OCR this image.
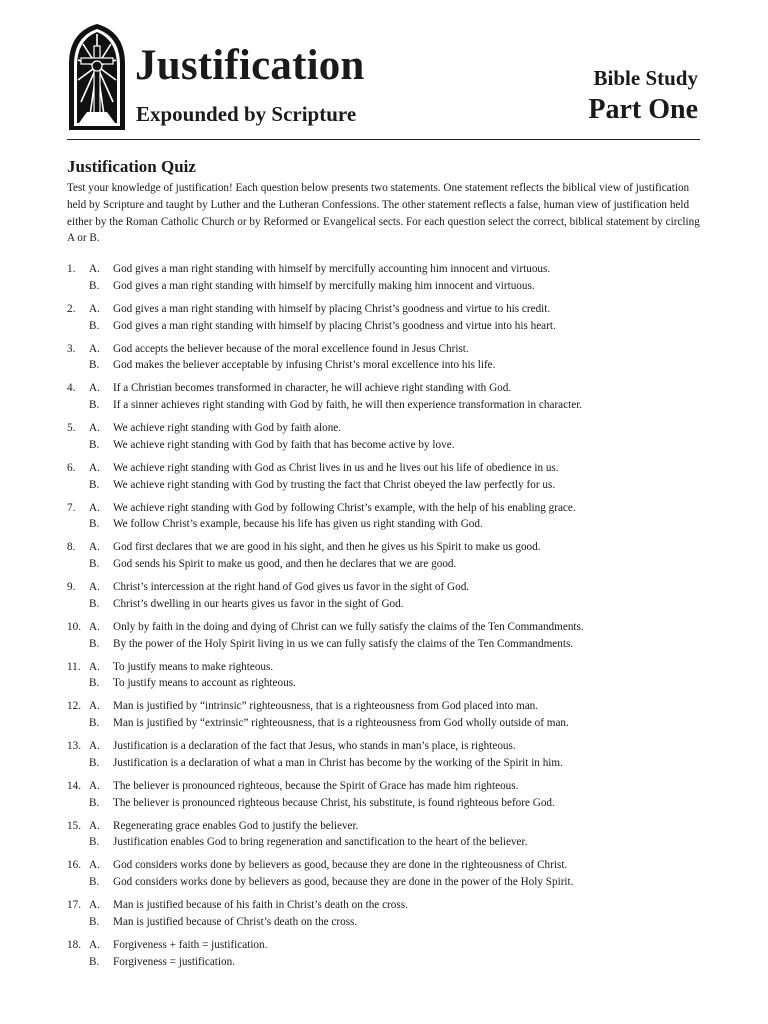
Justification
Expounded by Scripture
Bible Study
Part One
Justification Quiz
Test your knowledge of justification! Each question below presents two statements. One statement reflects the biblical view of justification held by Scripture and taught by Luther and the Lutheran Confessions. The other statement reflects a false, human view of justification held either by the Roman Catholic Church or by Reformed or Evangelical sects. For each question select the correct, biblical statement by circling A or B.
1.	A.	God gives a man right standing with himself by mercifully accounting him innocent and virtuous.
B.	God gives a man right standing with himself by mercifully making him innocent and virtuous.
2.	A.	God gives a man right standing with himself by placing Christ’s goodness and virtue to his credit.
B.	God gives a man right standing with himself by placing Christ’s goodness and virtue into his heart.
3.	A.	God accepts the believer because of the moral excellence found in Jesus Christ.
B.	God makes the believer acceptable by infusing Christ’s moral excellence into his life.
4.	A.	If a Christian becomes transformed in character, he will achieve right standing with God.
B.	If a sinner achieves right standing with God by faith, he will then experience transformation in character.
5.	A.	We achieve right standing with God by faith alone.
B.	We achieve right standing with God by faith that has become active by love.
6.	A.	We achieve right standing with God as Christ lives in us and he lives out his life of obedience in us.
B.	We achieve right standing with God by trusting the fact that Christ obeyed the law perfectly for us.
7.	A.	We achieve right standing with God by following Christ’s example, with the help of his enabling grace.
B.	We follow Christ’s example, because his life has given us right standing with God.
8.	A.	God first declares that we are good in his sight, and then he gives us his Spirit to make us good.
B.	God sends his Spirit to make us good, and then he declares that we are good.
9.	A.	Christ’s intercession at the right hand of God gives us favor in the sight of God.
B.	Christ’s dwelling in our hearts gives us favor in the sight of God.
10. A.	Only by faith in the doing and dying of Christ can we fully satisfy the claims of the Ten Commandments.
B.	By the power of the Holy Spirit living in us we can fully satisfy the claims of the Ten Commandments.
11. A.	To justify means to make righteous.
B.	To justify means to account as righteous.
12. A.	Man is justified by “intrinsic” righteousness, that is a righteousness from God placed into man.
B.	Man is justified by “extrinsic” righteousness, that is a righteousness from God wholly outside of man.
13. A.	Justification is a declaration of the fact that Jesus, who stands in man’s place, is righteous.
B.	Justification is a declaration of what a man in Christ has become by the working of the Spirit in him.
14. A.	The believer is pronounced righteous, because the Spirit of Grace has made him righteous.
B.	The believer is pronounced righteous because Christ, his substitute, is found righteous before God.
15. A.	Regenerating grace enables God to justify the believer.
B.	Justification enables God to bring regeneration and sanctification to the heart of the believer.
16. A.	God considers works done by believers as good, because they are done in the righteousness of Christ.
B.	God considers works done by believers as good, because they are done in the power of the Holy Spirit.
17. A.	Man is justified because of his faith in Christ’s death on the cross.
B.	Man is justified because of Christ’s death on the cross.
18. A.	Forgiveness + faith = justification.
B.	Forgiveness = justification.
